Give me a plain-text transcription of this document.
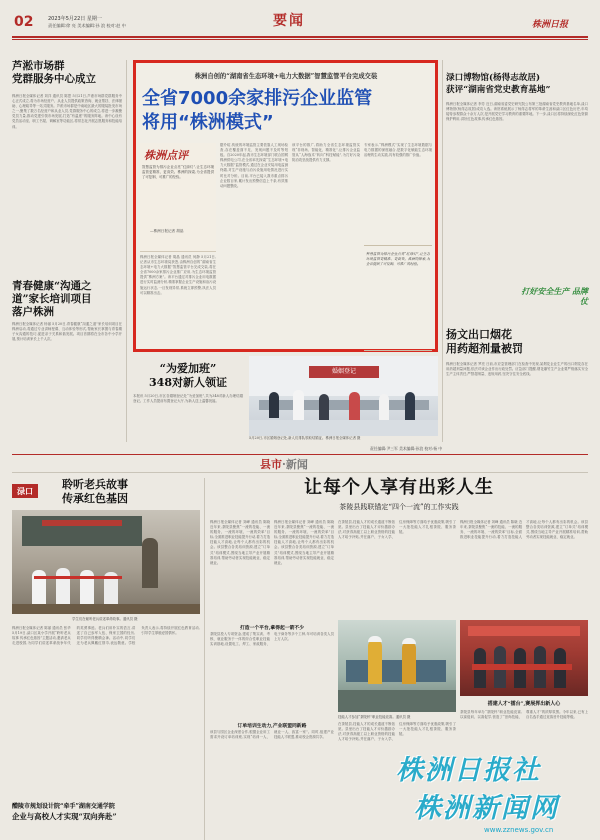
02	2023年5月22日 星期一
责任编辑:徐 亮 美术编辑:孙 浪 校对:赵 中	要闻	株洲日报
芦淞市场群
党群服务中心成立
株洲日报全媒体记者 刘洋 通讯员 陈思 5月21日,芦淞市场群党群服务中心正式成立,将为市场经营户、从业人员提供政策咨询、就业帮扶、法律援助、心理疏导等一站式服务。芦淞市场群是中南地区最大的服装批发市场之一,聚集了数万名经营户和从业人员,党群服务中心的成立,将进一步凝聚党员力量,推动党建引领市场发展,打造“有温度”的服务阵地。该中心设有党员活动室、职工书屋、调解室等功能区,将常态化开展志愿服务和技能培训。
青春健康“沟通之
道”家长培训项目
落户株洲
株洲日报全媒体记者 杨丽 5月20日,青春健康“沟通之道”家长培训项目在株洲启动,将通过专业讲师授课、互动体验等形式,帮助家长掌握与青春期子女沟通的技巧,促进亲子关系和谐发展。项目首期将在全市各中小学开展,预计培训家长上千人次。
株洲自创的“湖南省生态环境+电力大数据”智慧监管平台完成交装
全省7000余家排污企业监管
将用“株洲模式”
株洲点评
智慧监管为排污企业点亮“红绿灯”,让生态环境监管更精准、更高效。株洲的探索,为全省提供了可复制、可推广的经验。
—株洲日报记者 胡晶
株洲日报全媒体记者 胡晶 通讯员 何静 5月21日,记者从市生态环境局获悉,由株洲自创的“湖南省生态环境+电力大数据”智慧监管平台完成交装,将在全省7000余家排污企业推广应用,为生态环境监管提供“株洲方案”。该平台通过对排污企业用电数据进行实时监测分析,精准掌握企业生产设施和治污设施运行状态,一旦发现异常,系统立即预警,执法人员可以精准出击。
据介绍,传统的环境监管主要依靠人工现场检查,存在覆盖面不足、发现问题不及时等短板。自2020年起,我市生态环境部门联合国网株洲供电公司,在全省率先探索“生态环境+电力大数据”监管模式,通过在企业安装用电监测终端,对生产设施与治污设施用电情况进行实时比对分析。目前,平台已接入我市重点排污企业数百家,累计发出预警信息上千条,有效推动问题整改。
该平台的推广,将助力全省生态环境监管实现“非现场、智能化、精准化”,让排污企业监管从“人海战术”转向“科技赋能”,为打好污染防治攻坚战提供有力支撑。
专家表示,“株洲模式”实现了生态环境数据与电力数据的深度融合,是数字化赋能生态环境治理的生动实践,具有较强的推广价值。
智慧监管为排污企业点亮“红绿灯”,让生态环境监管更精准、更高效。株洲的探索,为全省提供了可复制、可推广的经验。
渌口博物馆(杨得志故居)
获评“湖南省党史教育基地”
株洲日报全媒体记者 李芳 近日,湖南省委党史研究院公布第三批湖南省党史教育基地名单,渌口博物馆(杨得志故居)成功入选。该馆系统展示了杨得志将军的革命生涯和渌口区红色历史,年均接待参观群众十余万人次,是开展党史学习教育的重要阵地。下一步,渌口区将持续深化红色资源保护利用,讲好红色故事,传承红色基因。
打好安全生产 品牌仗
扬文出口烟花
用药超剂量被罚
株洲日报全媒体记者 罗亮 日前,市应急管理部门在检查中发现,某烟花企业生产的出口烟花存在用药超剂量问题,依法对该企业作出行政处罚。应急部门提醒,烟花爆竹生产企业要严格落实安全生产主体责任,严禁超剂量、违规用药,坚决守住安全底线。
“为爱加班”
348对新人领证
本报讯 5月20日,市区各婚姻登记处“为爱加班”,共为348对新人办理结婚登记。工作人员提前布置登记大厅,为新人送上温馨祝福。
婚姻登记
5月20日,市区婚姻登记处,新人们排队领取结婚证。株洲日报全媒体记者 摄
责任编辑:尹三军 美术编辑:孙浪 校对:杨 中
县市·新闻
渌口	聆听老兵故事
传承红色基因
学生们在倾听老兵讲述革命故事。通讯员 摄
株洲日报全媒体记者 陈丽 通讯员 张华 5月19日,渌口区某小学开展“聆听老兵故事 传承红色基因”主题活动,邀请老兵走进校园,为同学们讲述革命战争年代的英勇事迹。老兵们用朴实的语言,讲述了自己参军入伍、保家卫国的经历,同学们听得聚精会神。活动中,同学们还为老兵佩戴红领巾,表达敬意。学校负责人表示,将持续开展红色教育活动,引导学生厚植爱国情怀。
醴陵市规划设计院“牵手”湖南交通学院
企业与高校人才实现“双向奔赴”
让每个人享有出彩人生
茶陵县践联锚定“四个一流”的工作实践
株洲日报全媒体记者 刘峰 通讯员 陈晓 近年来,茶陵县聚焦“一流的技能、一流的服务、一流的环境、一流的效率”目标,全面推进职业技能提升行动,着力打造技能人才高地,让每个人都有出彩的机会。该县整合各类培训资源,建立“订单式”培训模式,围绕当地主导产业开展精准培训,帮助劳动者实现技能就业、稳定就业。
株洲日报全媒体记者 刘峰 通讯员 陈晓 近年来,茶陵县聚焦“一流的技能、一流的服务、一流的环境、一流的效率”目标,全面推进职业技能提升行动,着力打造技能人才高地,让每个人都有出彩的机会。该县整合各类培训资源,建立“订单式”培训模式,围绕当地主导产业开展精准培训,帮助劳动者实现技能就业、稳定就业。
打造一个平台,拿得起一箭不少
茶陵县投入专项资金,建成了集实训、考核、就业服务于一体的综合性职业技能实训基地,设置电工、焊工、家政服务、电子商务等多个工种,年可培训各类人员上万人次。
订单培训生动力,产业联盟同新路
该县与园区企业深度合作,根据企业用工需求开设订单培训班,实现“培训一人、就业一人、致富一家”。同时,组建产业技能人才联盟,推动校企资源共享。
在茶陵县,技能人才的成长通道不断拓宽。县里出台了技能人才评价激励办法,对获得高级工以上职业资格的技能人才给予补贴,并在落户、子女入学、住房保障等方面给予优惠政策,吸引了一大批技能人才扎根茶陵、服务茶陵。
技能人才参加“茶陵杯”职业技能竞赛。通讯员 摄
在茶陵县,技能人才的成长通道不断拓宽。县里出台了技能人才评价激励办法,对获得高级工以上职业资格的技能人才给予补贴,并在落户、子女入学、住房保障等方面给予优惠政策,吸引了一大批技能人才扎根茶陵、服务茶陵。
株洲日报全媒体记者 刘峰 通讯员 陈晓 近年来,茶陵县聚焦“一流的技能、一流的服务、一流的环境、一流的效率”目标,全面推进职业技能提升行动,着力打造技能人才高地,让每个人都有出彩的机会。该县整合各类培训资源,建立“订单式”培训模式,围绕当地主导产业开展精准培训,帮助劳动者实现技能就业、稳定就业。
搭建人才“擂台”,赛展挥出新人心
茶陵县每年举办“茶陵杯”职业技能竞赛,以赛促训、以赛促学,营造了“崇尚技能、尊重人才”的浓厚氛围。今年以来,已有上百名选手通过竞赛晋升技能等级。
株洲日报社
株洲新闻网
www.zznews.gov.cn
